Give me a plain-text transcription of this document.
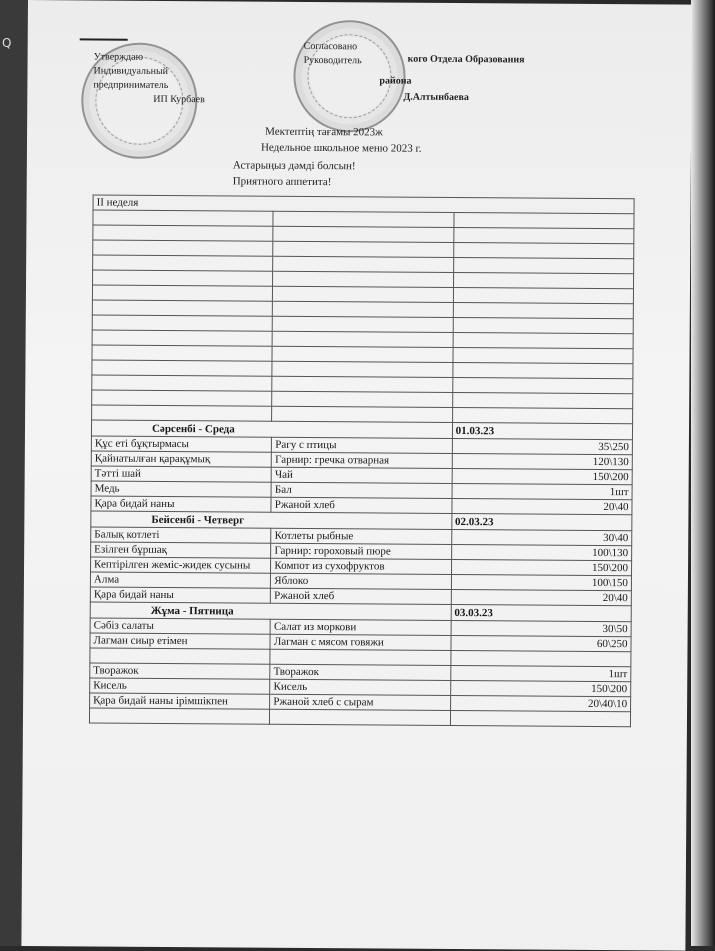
Q
Утверждаю
Индивидуальный
предприниматель
ИП Курбаев
Согласовано
Руководитель	кого Отдела Образования
района
Д.Алтынбаева
Мектептің тағамы 2023ж
Недельное школьное меню 2023 г.
Астарыңыз дәмді болсын!
Приятного аппетита!
II неделя		

Сәрсенбі - Среда		01.03.23
Құс еті бұқтырмасы	Рагу с птицы	35\250
Қайнатылған қарақұмық	Гарнир: гречка отварная	120\130
Тәтті шай	Чай	150\200
Медь	Бал	1шт
Қара бидай наны	Ржаной хлеб	20\40
Бейсенбі - Четверг		02.03.23
Балық котлеті	Котлеты рыбные	30\40
Езілген бұршақ	Гарнир: гороховый пюре	100\130
Кептірілген жеміс-жидек сусыны	Компот из сухофруктов	150\200
Алма	Яблоко	100\150
Қара бидай наны	Ржаной хлеб	20\40
Жұма - Пятница		03.03.23
Сәбіз салаты	Салат из моркови	30\50
Лагман сиыр етімен	Лагман с мясом говяжи	60\250

Творажок	Творажок	1шт
Кисель	Кисель	150\200
Қара бидай наны ірімшікпен	Ржаной хлеб с сырам	20\40\10
